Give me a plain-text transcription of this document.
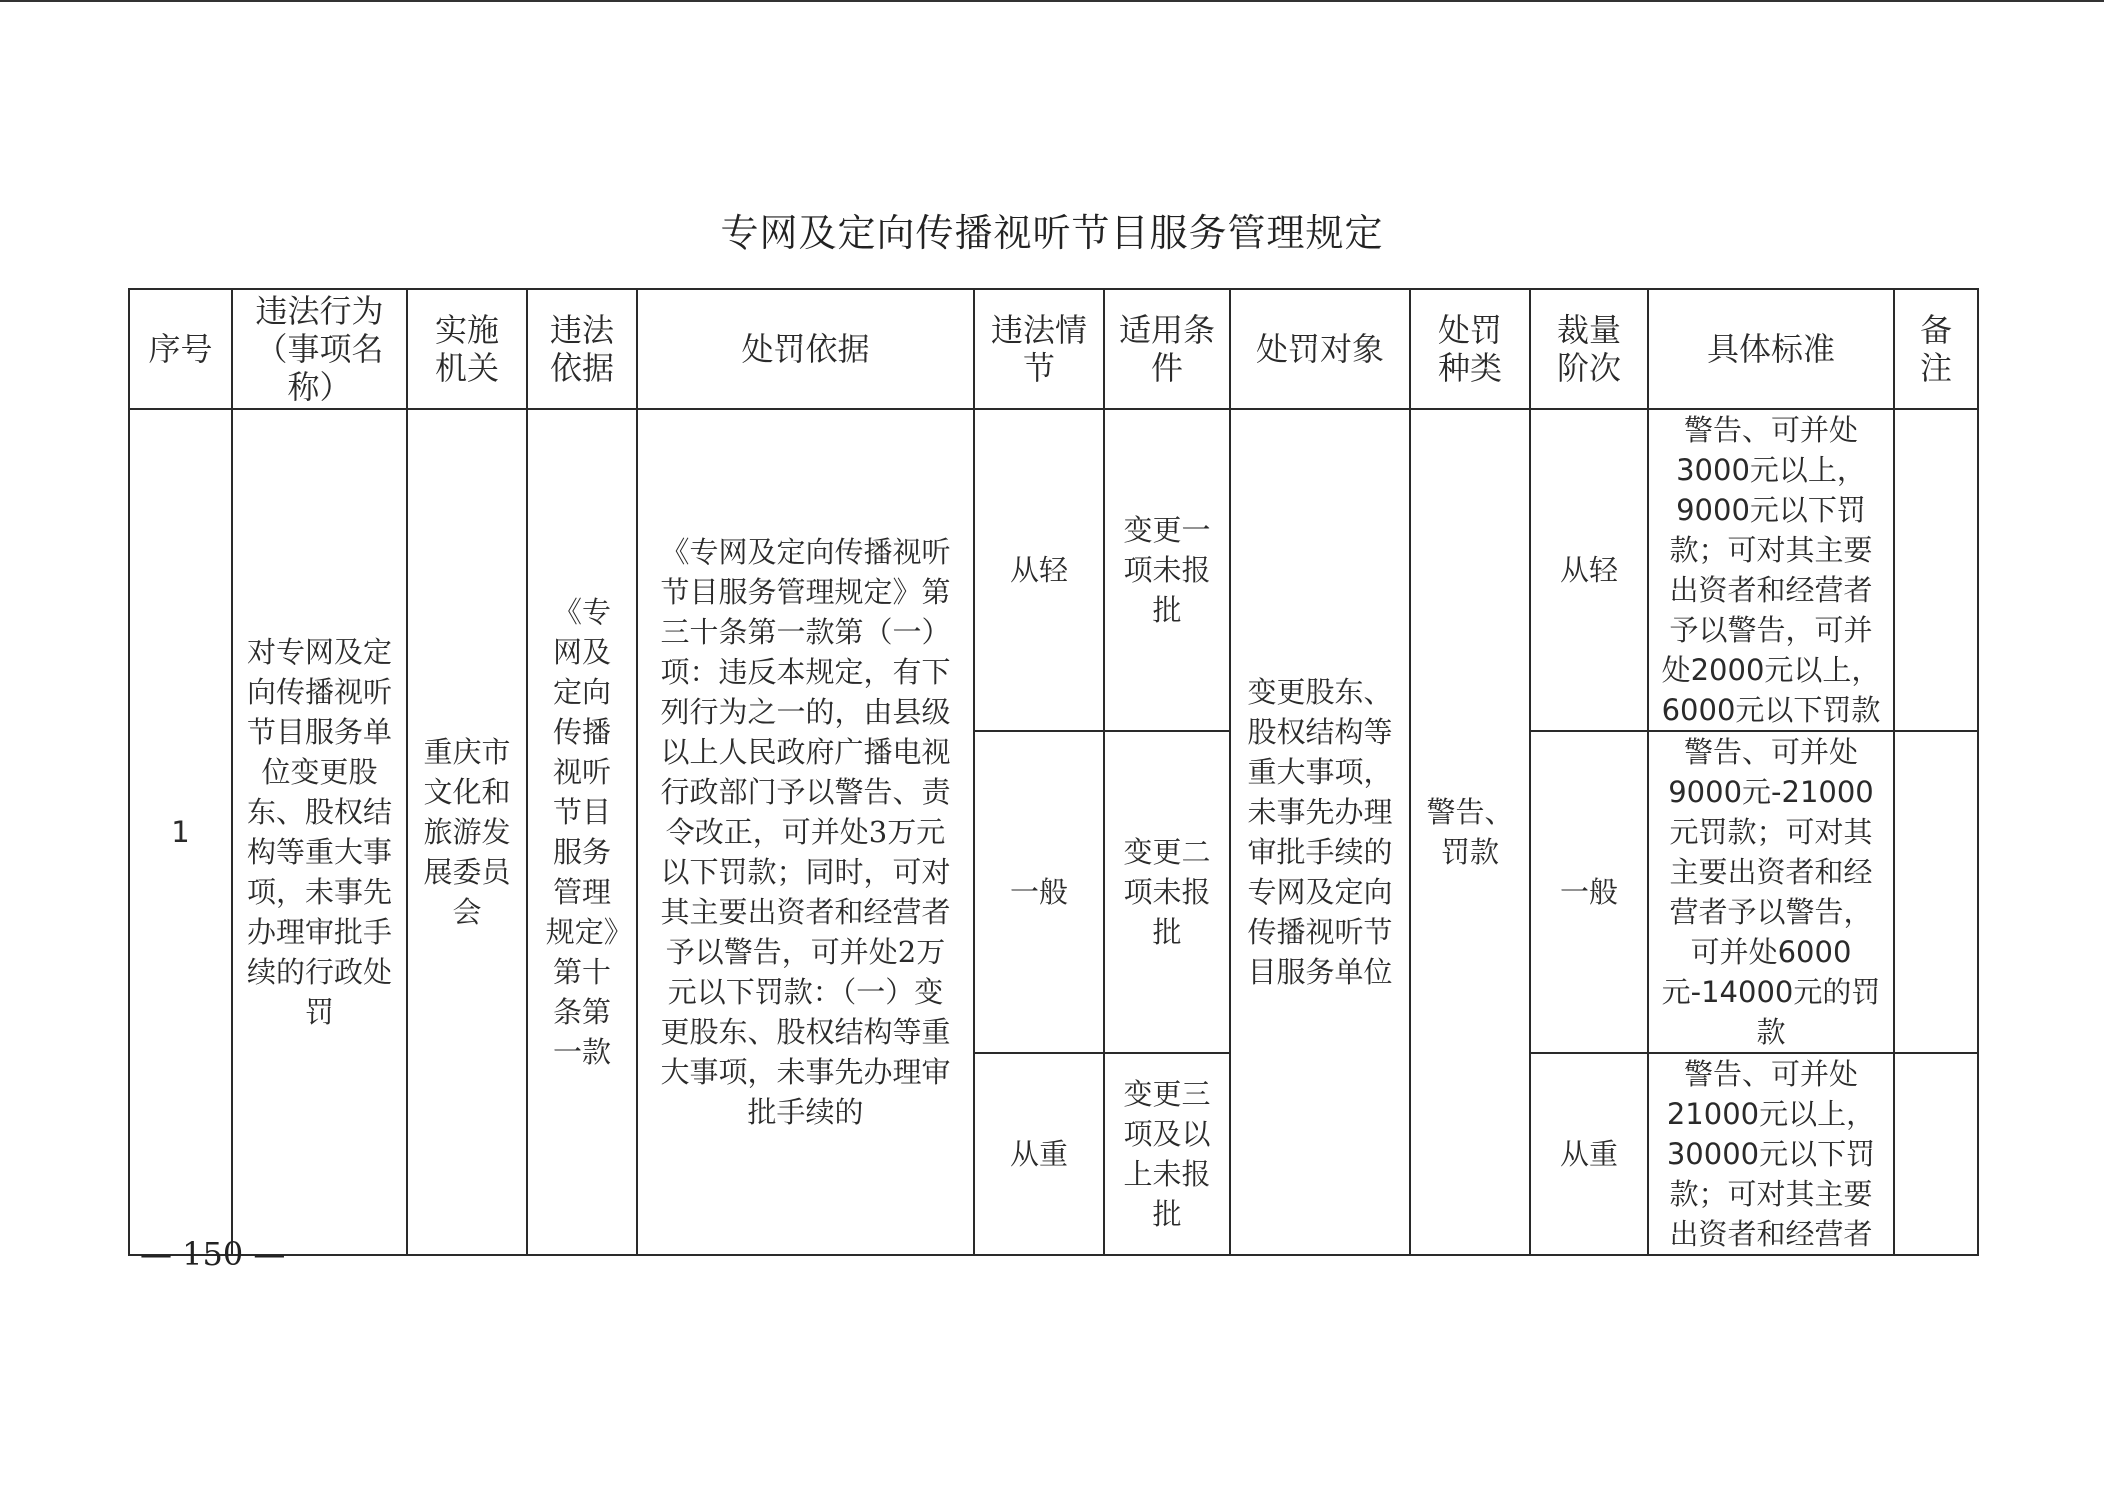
专网及定向传播视听节目服务管理规定
序号	违法行为（事项名称）	实施机关	违法依据	处罚依据	违法情节	适用条件	处罚对象	处罚种类	裁量阶次	具体标准	备注
1	对专网及定向传播视听节目服务单位变更股东、股权结构等重大事项，未事先办理审批手续的行政处罚	重庆市文化和旅游发展委员会	《专网及定向传播视听节目服务管理规定》第十条第一款	《专网及定向传播视听节目服务管理规定》第三十条第一款第（一）项：违反本规定，有下列行为之一的，由县级以上人民政府广播电视行政部门予以警告、责令改正，可并处3万元以下罚款；同时，可对其主要出资者和经营者予以警告，可并处2万元以下罚款：（一）变更股东、股权结构等重大事项，未事先办理审批手续的	从轻	变更一项未报批	变更股东、股权结构等重大事项，未事先办理审批手续的专网及定向传播视听节目服务单位	警告、罚款	从轻	警告、可并处3000元以上，9000元以下罚款；可对其主要出资者和经营者予以警告，可并处2000元以上，6000元以下罚款	
					一般	变更二项未报批			一般	警告、可并处9000元-21000元罚款；可对其主要出资者和经营者予以警告，可并处6000元-14000元的罚款	
					从重	变更三项及以上未报批			从重	警告、可并处21000元以上，30000元以下罚款；可对其主要出资者和经营者	
— 150 —
